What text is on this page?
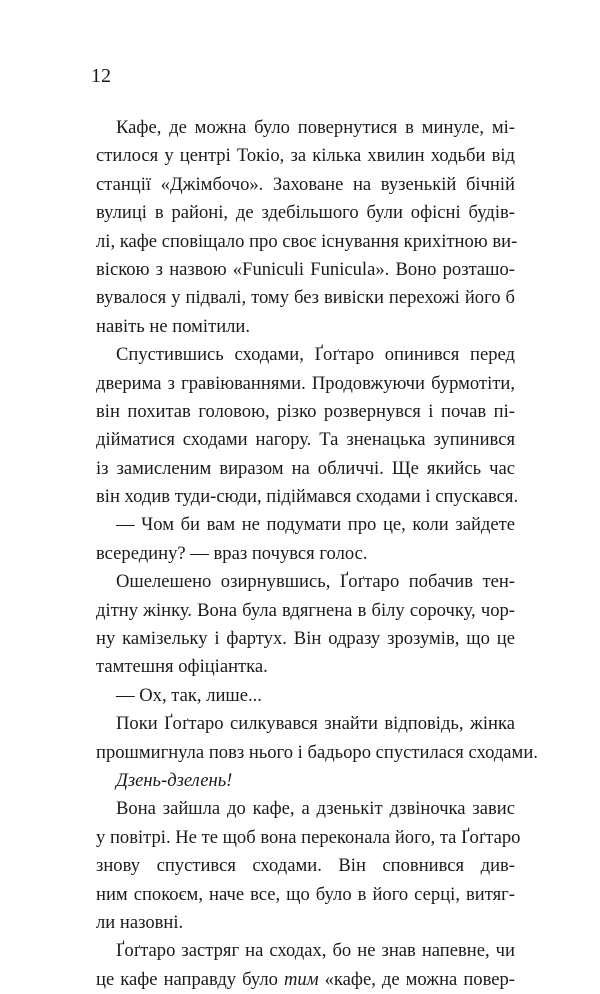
12
Кафе, де можна було повернутися в минуле, мі-
стилося у центрі Токіо, за кілька хвилин ходьби від
станції «Джімбочо». Заховане на вузенькій бічній
вулиці в районі, де здебільшого були офісні будів-
лі, кафе сповіщало про своє існування крихітною ви-
віскою з назвою «Funiculi Funicula». Воно розташо-
вувалося у підвалі, тому без вивіски перехожі його б
навіть не помітили.
Спустившись сходами, Ґоґтаро опинився перед
дверима з гравіюваннями. Продовжуючи бурмотіти,
він похитав головою, різко розвернувся і почав пі-
дійматися сходами нагору. Та зненацька зупинився
із замисленим виразом на обличчі. Ще якийсь час
він ходив туди-сюди, підіймався сходами і спускався.
— Чом би вам не подумати про це, коли зайдете
всередину? — враз почувся голос.
Ошелешено озирнувшись, Ґоґтаро побачив тен-
дітну жінку. Вона була вдягнена в білу сорочку, чор-
ну камізельку і фартух. Він одразу зрозумів, що це
тамтешня офіціантка.
— Ох, так, лише...
Поки Ґоґтаро силкувався знайти відповідь, жінка
прошмигнула повз нього і бадьоро спустилася сходами.
Дзень-дзелень!
Вона зайшла до кафе, а дзенькіт дзвіночка завис
у повітрі. Не те щоб вона переконала його, та Ґоґтаро
знову спустився сходами. Він сповнився див-
ним спокоєм, наче все, що було в його серці, витяг-
ли назовні.
Ґоґтаро застряг на сходах, бо не знав напевне, чи
це кафе направду було тим «кафе, де можна повер-
